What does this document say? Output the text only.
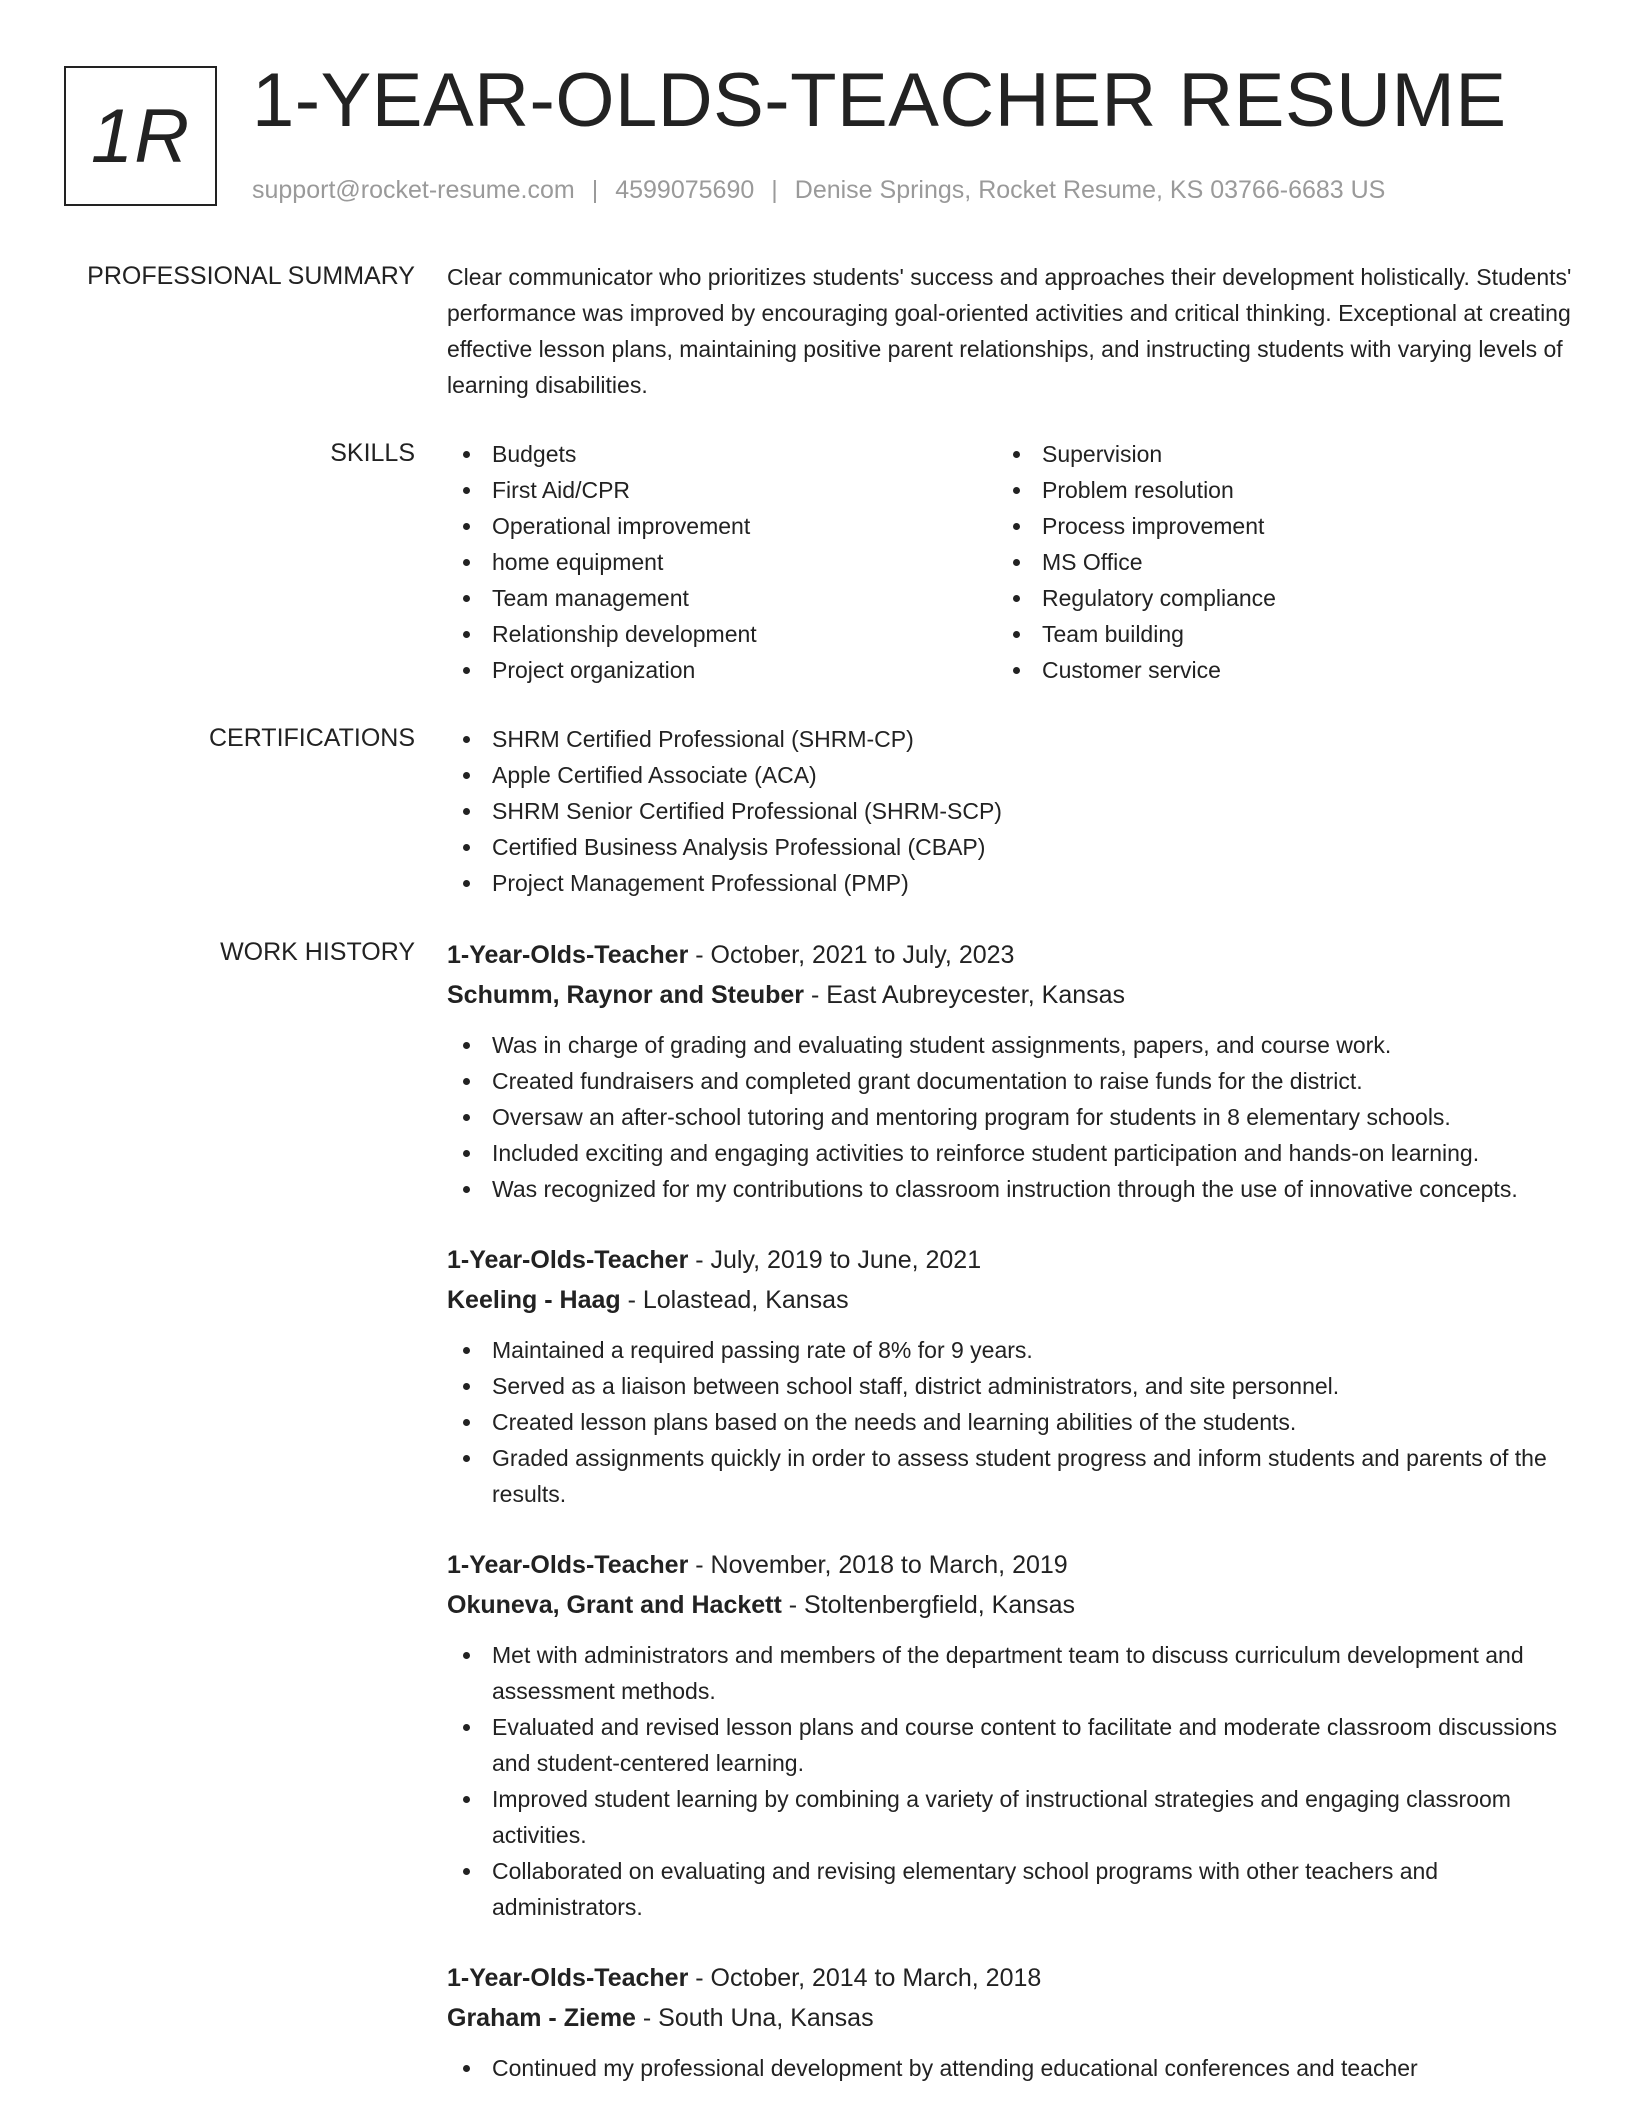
1R 1-YEAR-OLDS-TEACHER RESUME
support@rocket-resume.com | 4599075690 | Denise Springs, Rocket Resume, KS 03766-6683 US
PROFESSIONAL SUMMARY Clear communicator who prioritizes students' success and approaches their development holistically. Students' performance was improved by encouraging goal-oriented activities and critical thinking. Exceptional at creating effective lesson plans, maintaining positive parent relationships, and instructing students with varying levels of learning disabilities.

SKILLS	Budgets
First Aid/CPR
Operational improvement
home equipment
Team management
Relationship development
Project organization
Supervision
Problem resolution
Process improvement
MS Office
Regulatory compliance
Team building
Customer service
CERTIFICATIONS	SHRM Certified Professional (SHRM-CP)
Apple Certified Associate (ACA)
SHRM Senior Certified Professional (SHRM-SCP)
Certified Business Analysis Professional (CBAP)
Project Management Professional (PMP)
WORK HISTORY 1-Year-Olds-Teacher - October, 2021 to July, 2023
Schumm, Raynor and Steuber - East Aubreycester, Kansas
Was in charge of grading and evaluating student assignments, papers, and course work.
Created fundraisers and completed grant documentation to raise funds for the district.
Oversaw an after-school tutoring and mentoring program for students in 8 elementary schools.
Included exciting and engaging activities to reinforce student participation and hands-on learning.
Was recognized for my contributions to classroom instruction through the use of innovative concepts.
1-Year-Olds-Teacher - July, 2019 to June, 2021
Keeling - Haag - Lolastead, Kansas
Maintained a required passing rate of 8% for 9 years.
Served as a liaison between school staff, district administrators, and site personnel.
Created lesson plans based on the needs and learning abilities of the students.
Graded assignments quickly in order to assess student progress and inform students and parents of the results.
1-Year-Olds-Teacher - November, 2018 to March, 2019
Okuneva, Grant and Hackett - Stoltenbergfield, Kansas
Met with administrators and members of the department team to discuss curriculum development and assessment methods.
Evaluated and revised lesson plans and course content to facilitate and moderate classroom discussions and student-centered learning.
Improved student learning by combining a variety of instructional strategies and engaging classroom activities.
Collaborated on evaluating and revising elementary school programs with other teachers and administrators.
1-Year-Olds-Teacher - October, 2014 to March, 2018
Graham - Zieme - South Una, Kansas
Continued my professional development by attending educational conferences and teacher
